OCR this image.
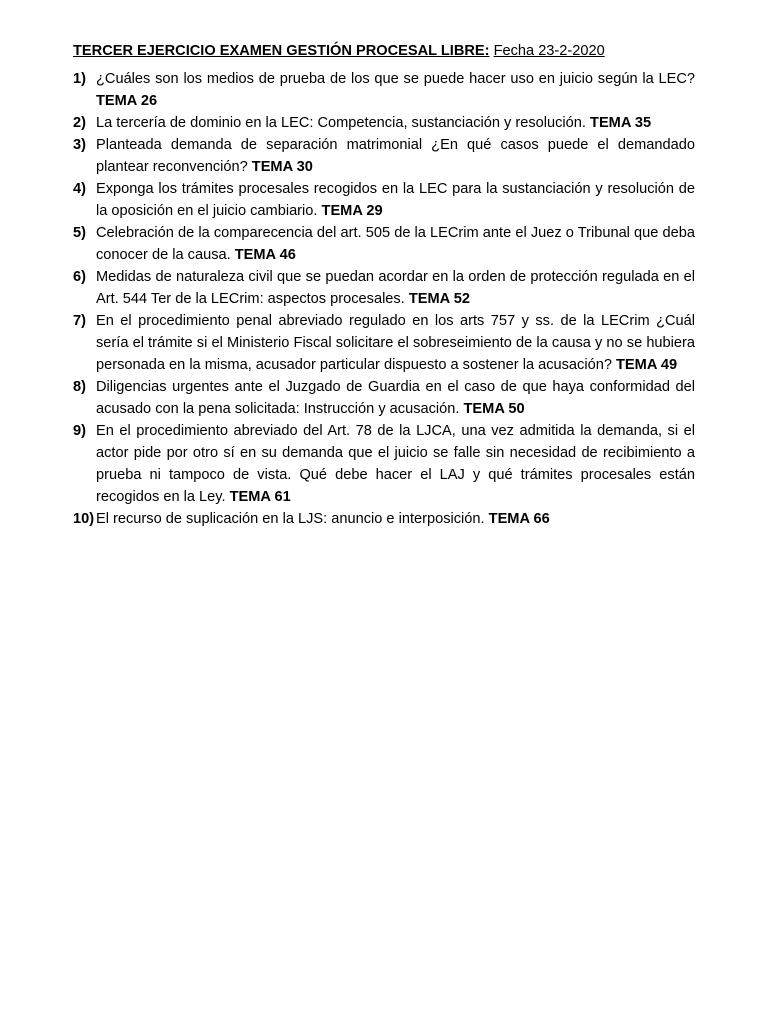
TERCER EJERCICIO EXAMEN GESTIÓN PROCESAL LIBRE: Fecha 23-2-2020
1) ¿Cuáles son los medios de prueba de los que se puede hacer uso en juicio según la LEC? TEMA 26
2) La tercería de dominio en la LEC: Competencia, sustanciación y resolución. TEMA 35
3) Planteada demanda de separación matrimonial ¿En qué casos puede el demandado plantear reconvención? TEMA 30
4) Exponga los trámites procesales recogidos en la LEC para la sustanciación y resolución de la oposición en el juicio cambiario. TEMA 29
5) Celebración de la comparecencia del art. 505 de la LECrim ante el Juez o Tribunal que deba conocer de la causa. TEMA 46
6) Medidas de naturaleza civil que se puedan acordar en la orden de protección regulada en el Art. 544 Ter de la LECrim: aspectos procesales. TEMA 52
7) En el procedimiento penal abreviado regulado en los arts 757 y ss. de la LECrim ¿Cuál sería el trámite si el Ministerio Fiscal solicitare el sobreseimiento de la causa y no se hubiera personada en la misma, acusador particular dispuesto a sostener la acusación? TEMA 49
8) Diligencias urgentes ante el Juzgado de Guardia en el caso de que haya conformidad del acusado con la pena solicitada: Instrucción y acusación. TEMA 50
9) En el procedimiento abreviado del Art. 78 de la LJCA, una vez admitida la demanda, si el actor pide por otro sí en su demanda que el juicio se falle sin necesidad de recibimiento a prueba ni tampoco de vista. Qué debe hacer el LAJ y qué trámites procesales están recogidos en la Ley. TEMA 61
10) El recurso de suplicación en la LJS: anuncio e interposición. TEMA 66
